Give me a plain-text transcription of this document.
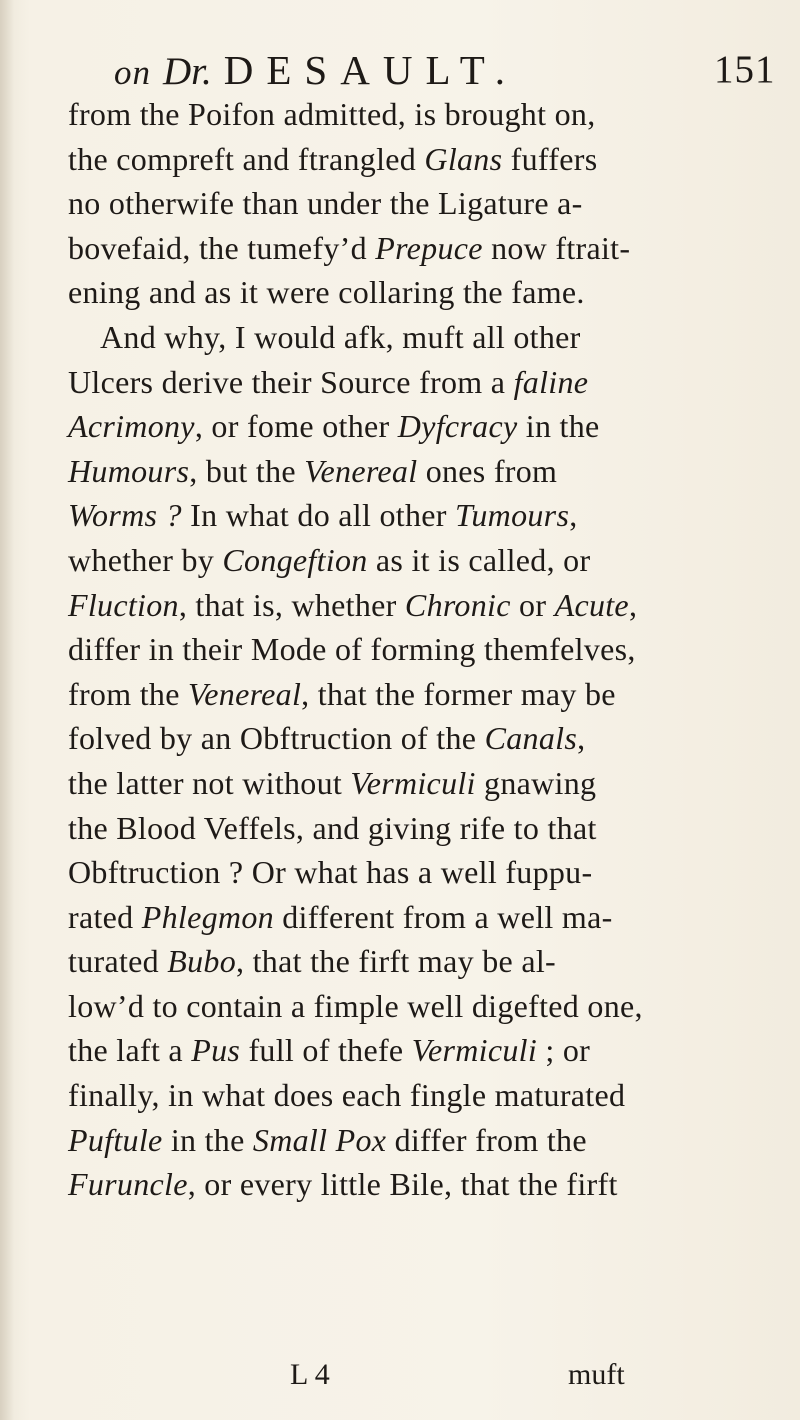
on Dr. DESAULT.	151
from the Poifon admitted, is brought on,
the compreft and ftrangled Glans fuffers
no otherwife than under the Ligature a-
bovefaid, the tumefy’d Prepuce now ftrait-
ening and as it were collaring the fame.
And why, I would afk, muft all other
Ulcers derive their Source from a faline
Acrimony, or fome other Dyfcracy in the
Humours, but the Venereal ones from
Worms ? In what do all other Tumours,
whether by Congeftion as it is called, or
Fluction, that is, whether Chronic or Acute,
differ in their Mode of forming themfelves,
from the Venereal, that the former may be
folved by an Obftruction of the Canals,
the latter not without Vermiculi gnawing
the Blood Veffels, and giving rife to that
Obftruction ? Or what has a well fuppu-
rated Phlegmon different from a well ma-
turated Bubo, that the firft may be al-
low’d to contain a fimple well digefted one,
the laft a Pus full of thefe Vermiculi ; or
finally, in what does each fingle maturated
Puftule in the Small Pox differ from the
Furuncle, or every little Bile, that the firft
L 4	muft
